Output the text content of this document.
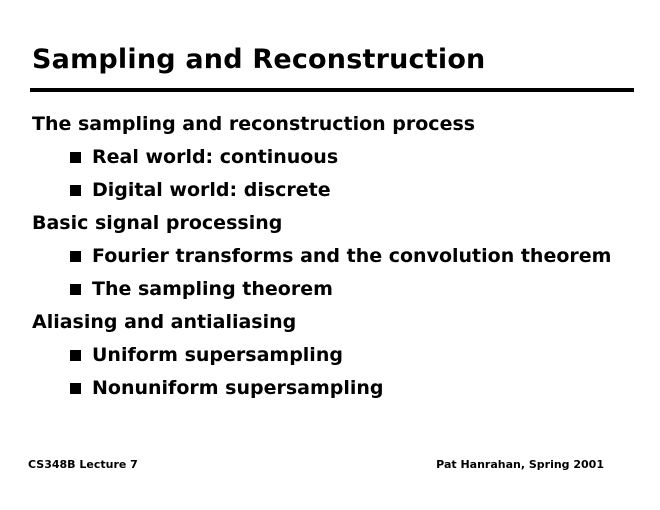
Sampling and Reconstruction
The sampling and reconstruction process
Real world: continuous
Digital world: discrete
Basic signal processing
Fourier transforms and the convolution theorem
The sampling theorem
Aliasing and antialiasing
Uniform supersampling
Nonuniform supersampling
CS348B Lecture 7	Pat Hanrahan, Spring 2001
